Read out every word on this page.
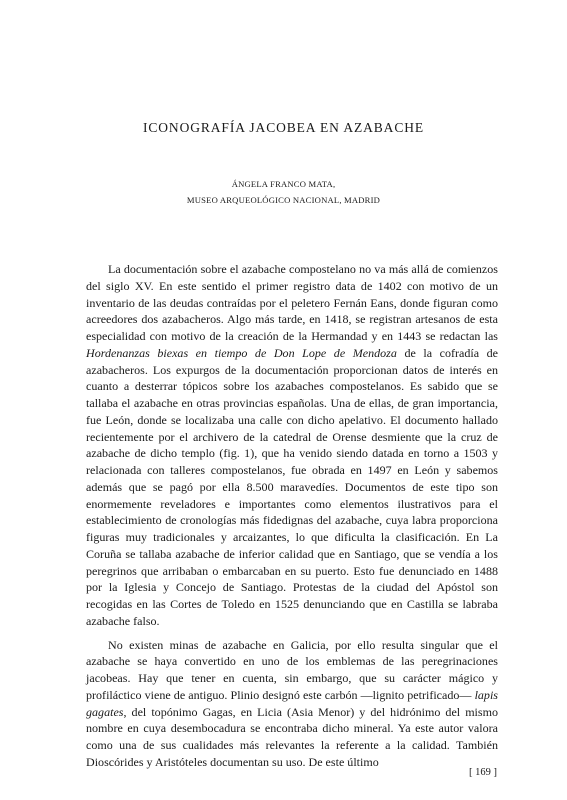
ICONOGRAFÍA JACOBEA EN AZABACHE
ÁNGELA FRANCO MATA,
MUSEO ARQUEOLÓGICO NACIONAL, MADRID

La documentación sobre el azabache compostelano no va más allá de comienzos del siglo XV. En este sentido el primer registro data de 1402 con motivo de un inventario de las deudas contraídas por el peletero Fernán Eans, donde figuran como acreedores dos azabacheros. Algo más tarde, en 1418, se registran artesanos de esta especialidad con motivo de la creación de la Hermandad y en 1443 se redactan las Hordenanzas biexas en tiempo de Don Lope de Mendoza de la cofradía de azabacheros. Los expurgos de la documentación proporcionan datos de interés en cuanto a desterrar tópicos sobre los azabaches compostelanos. Es sabido que se tallaba el azabache en otras provincias españolas. Una de ellas, de gran importancia, fue León, donde se localizaba una calle con dicho apelativo. El documento hallado recientemente por el archivero de la catedral de Orense desmiente que la cruz de azabache de dicho templo (fig. 1), que ha venido siendo datada en torno a 1503 y relacionada con talleres compostelanos, fue obrada en 1497 en León y sabemos además que se pagó por ella 8.500 maravedíes. Documentos de este tipo son enormemente reveladores e importantes como elementos ilustrativos para el establecimiento de cronologías más fidedignas del azabache, cuya labra proporciona figuras muy tradicionales y arcaizantes, lo que dificulta la clasificación. En La Coruña se tallaba azabache de inferior calidad que en Santiago, que se vendía a los peregrinos que arribaban o embarcaban en su puerto. Esto fue denunciado en 1488 por la Iglesia y Concejo de Santiago. Protestas de la ciudad del Apóstol son recogidas en las Cortes de Toledo en 1525 denunciando que en Castilla se labraba azabache falso.

No existen minas de azabache en Galicia, por ello resulta singular que el azabache se haya convertido en uno de los emblemas de las peregrinaciones jacobeas. Hay que tener en cuenta, sin embargo, que su carácter mágico y profiláctico viene de antiguo. Plinio designó este carbón —lignito petrificado— lapis gagates, del topónimo Gagas, en Licia (Asia Menor) y del hidrónimo del mismo nombre en cuya desembocadura se encontraba dicho mineral. Ya este autor valora como una de sus cualidades más relevantes la referente a la calidad. También Dioscórides y Aristóteles documentan su uso. De este último

[ 169 ]
